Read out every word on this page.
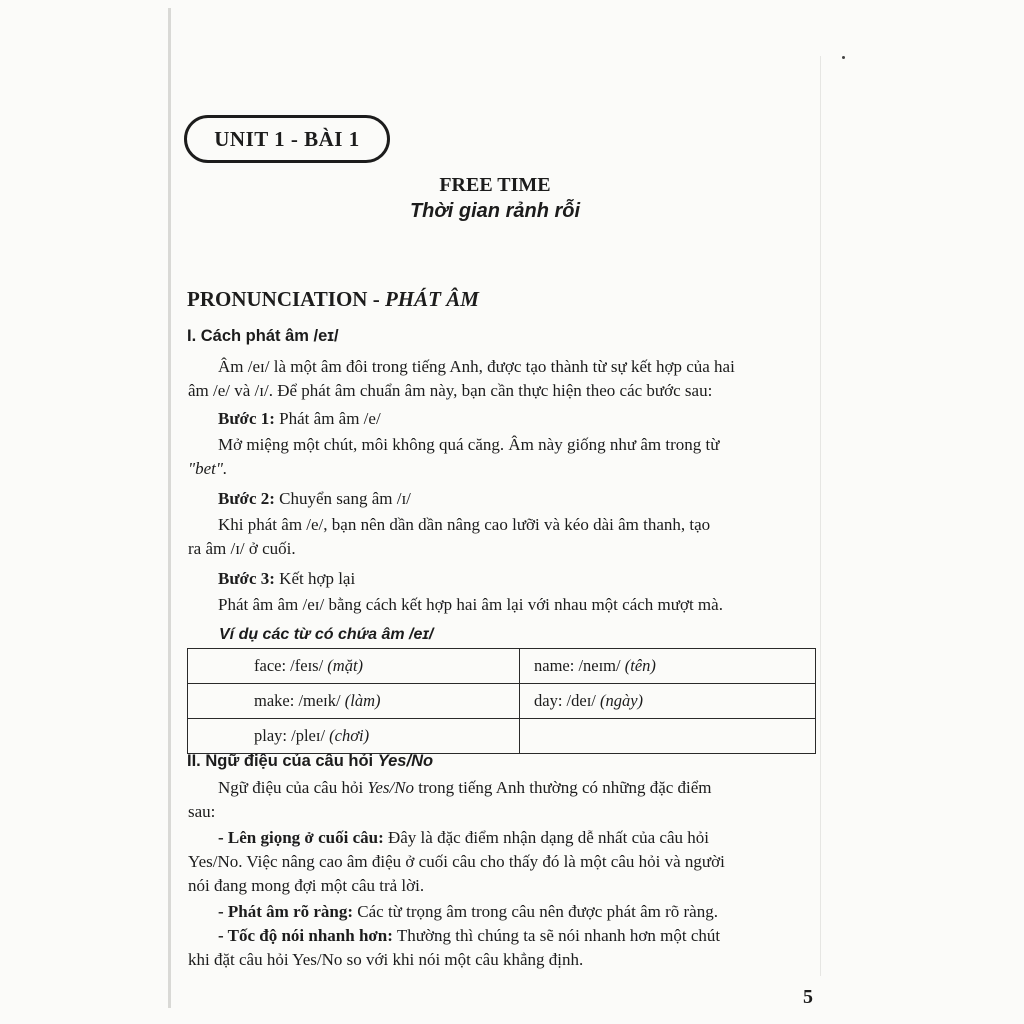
UNIT 1 - BÀI 1
FREE TIME
Thời gian rảnh rỗi
PRONUNCIATION - PHÁT ÂM
I. Cách phát âm /eɪ/
Âm /eɪ/ là một âm đôi trong tiếng Anh, được tạo thành từ sự kết hợp của hai
âm /e/ và /ɪ/. Để phát âm chuẩn âm này, bạn cần thực hiện theo các bước sau:
Bước 1: Phát âm âm /e/
Mở miệng một chút, môi không quá căng. Âm này giống như âm trong từ
"bet".
Bước 2: Chuyển sang âm /ɪ/
Khi phát âm /e/, bạn nên dần dần nâng cao lưỡi và kéo dài âm thanh, tạo
ra âm /ɪ/ ở cuối.
Bước 3: Kết hợp lại
Phát âm âm /eɪ/ bằng cách kết hợp hai âm lại với nhau một cách mượt mà.
Ví dụ các từ có chứa âm /eɪ/
face: /feɪs/ (mặt)	name: /neɪm/ (tên)
make: /meɪk/ (làm)	day: /deɪ/ (ngày)
play: /pleɪ/ (chơi)	
II. Ngữ điệu của câu hỏi Yes/No
Ngữ điệu của câu hỏi Yes/No trong tiếng Anh thường có những đặc điểm
sau:
- Lên giọng ở cuối câu: Đây là đặc điểm nhận dạng dễ nhất của câu hỏi
Yes/No. Việc nâng cao âm điệu ở cuối câu cho thấy đó là một câu hỏi và người
nói đang mong đợi một câu trả lời.
- Phát âm rõ ràng: Các từ trọng âm trong câu nên được phát âm rõ ràng.
- Tốc độ nói nhanh hơn: Thường thì chúng ta sẽ nói nhanh hơn một chút
khi đặt câu hỏi Yes/No so với khi nói một câu khẳng định.
5
